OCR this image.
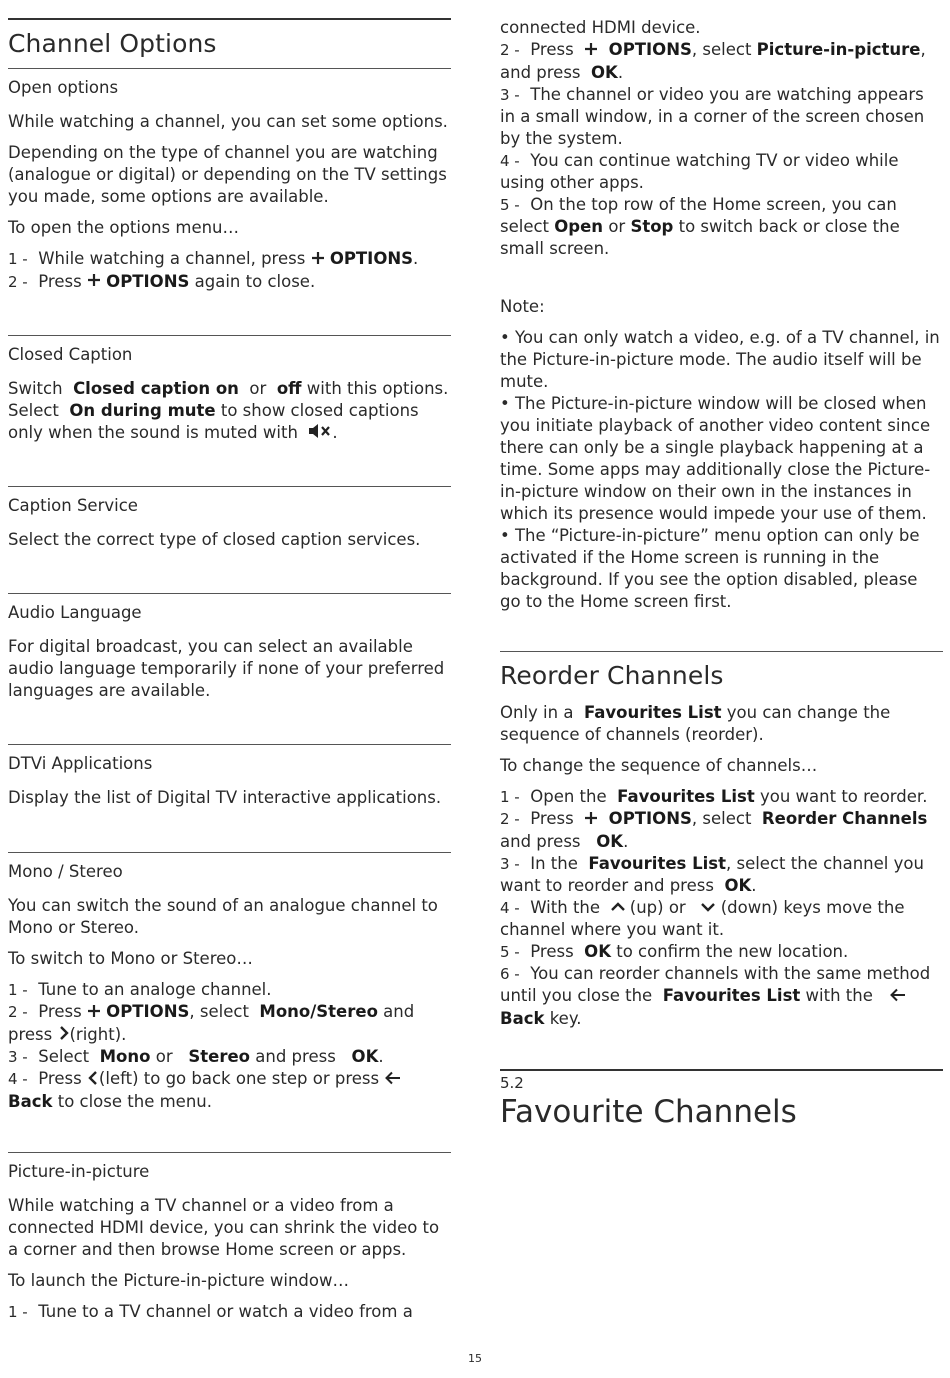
Channel Options
Open options

While watching a channel, you can set some options.

Depending on the type of channel you are watching (analogue or digital) or depending on the TV settings you made, some options are available.

To open the options menu…

1 - While watching a channel, press OPTIONS.

2 - Press OPTIONS again to close.

Closed Caption

Switch Closed caption on or off with this options.
Select On during mute to show closed captions only when the sound is muted with .

Caption Service

Select the correct type of closed caption services.

Audio Language

For digital broadcast, you can select an available audio language temporarily if none of your preferred languages are available.

DTVi Applications

Display the list of Digital TV interactive applications.

Mono / Stereo

You can switch the sound of an analogue channel to Mono or Stereo.

To switch to Mono or Stereo…

1 - Tune to an analoge channel.

2 - Press OPTIONS, select Mono/Stereo and press (right).

3 - Select Mono or Stereo and press OK.

4 - Press (left) to go back one step or press   Back to close the menu.

Picture-in-picture

While watching a TV channel or a video from a connected HDMI device, you can shrink the video to a corner and then browse Home screen or apps.

To launch the Picture-in-picture window…

1 - Tune to a TV channel or watch a video from a

connected HDMI device.

2 - Press OPTIONS, select Picture-in-picture, and press OK.

3 - The channel or video you are watching appears in a small window, in a corner of the screen chosen by the system.

4 - You can continue watching TV or video while using other apps.

5 - On the top row of the Home screen, you can select Open or Stop to switch back or close the small screen.

Note:

• You can only watch a video, e.g. of a TV channel, in the Picture-in-picture mode. The audio itself will be mute.

• The Picture-in-picture window will be closed when you initiate playback of another video content since there can only be a single playback happening at a time. Some apps may additionally close the Picture-in-picture window on their own in the instances in which its presence would impede your use of them.

• The “Picture-in-picture” menu option can only be activated if the Home screen is running in the background. If you see the option disabled, please go to the Home screen first.

Reorder Channels

Only in a Favourites List you can change the sequence of channels (reorder).

To change the sequence of channels…

1 - Open the Favourites List you want to reorder.

2 - Press OPTIONS, select Reorder Channels and press OK.

3 - In the Favourites List, select the channel you want to reorder and press OK.

4 - With the (up) or (down) keys move the channel where you want it.

5 - Press OK to confirm the new location.

6 - You can reorder channels with the same method until you close the Favourites List with the     Back key.

5.2
Favourite Channels
15
